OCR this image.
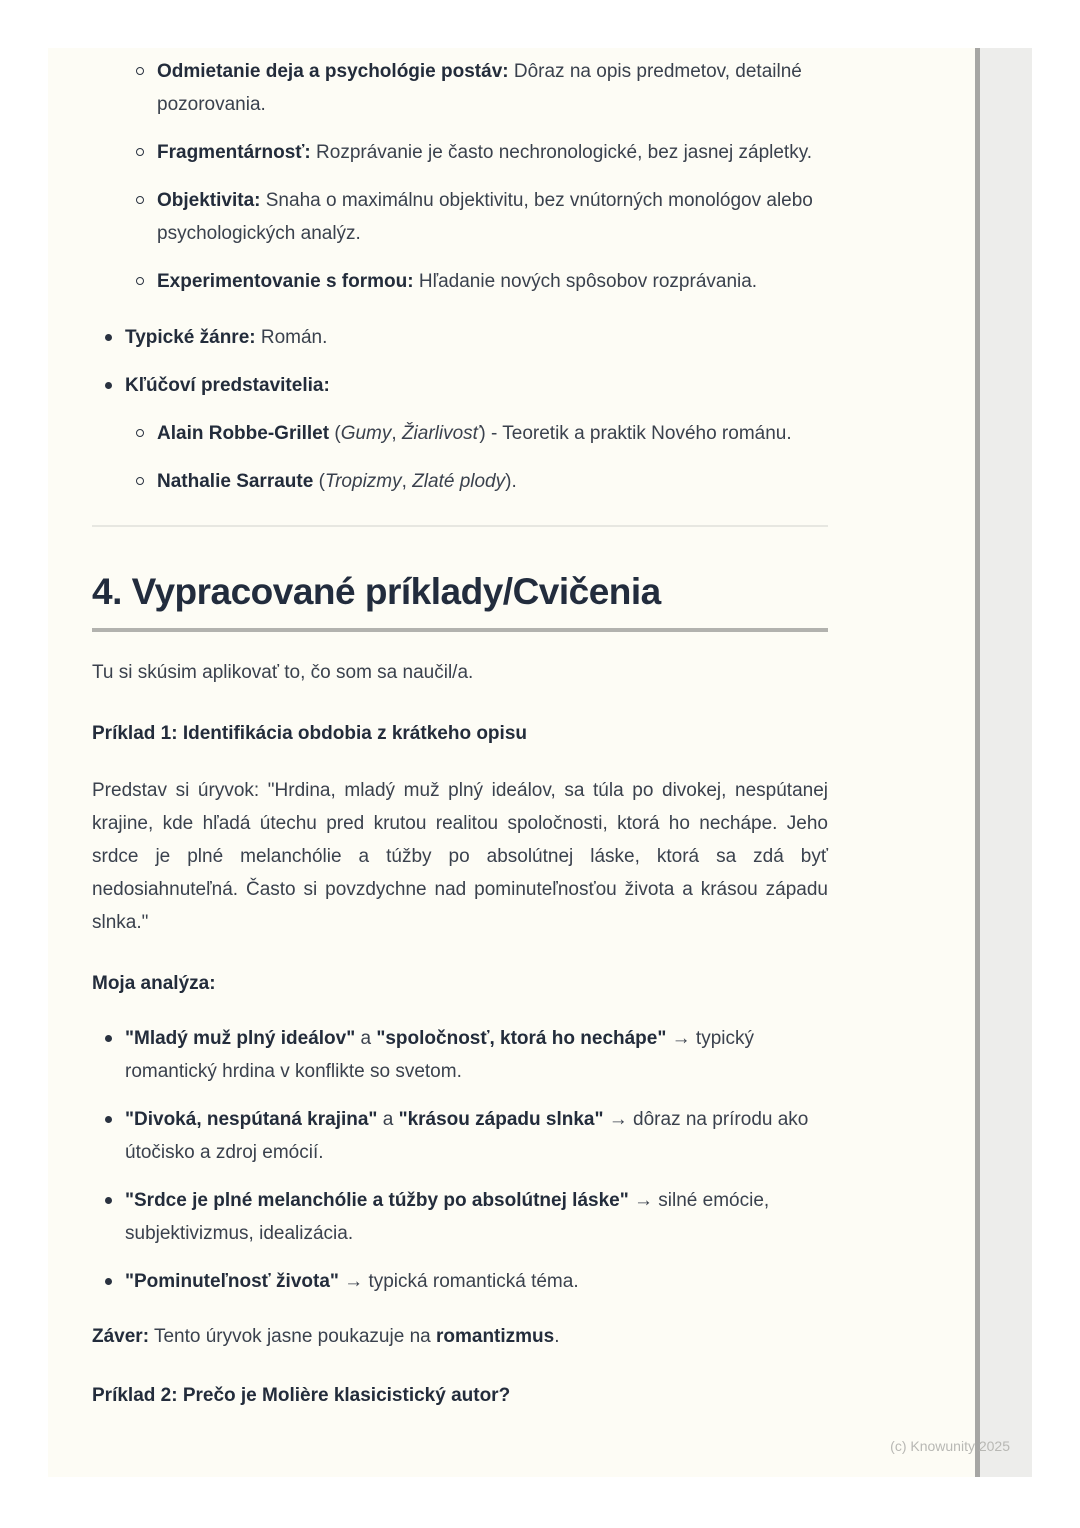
Odmietanie deja a psychológie postáv: Dôraz na opis predmetov, detailné pozorovania.
Fragmentárnosť: Rozprávanie je často nechronologické, bez jasnej zápletky.
Objektivita: Snaha o maximálnu objektivitu, bez vnútorných monológov alebo psychologických analýz.
Experimentovanie s formou: Hľadanie nových spôsobov rozprávania.
Typické žánre: Román.
Kľúčoví predstavitelia:
Alain Robbe-Grillet (Gumy, Žiarlivosť) - Teoretik a praktik Nového románu.
Nathalie Sarraute (Tropizmy, Zlaté plody).
4. Vypracované príklady/Cvičenia

Tu si skúsim aplikovať to, čo som sa naučil/a.

Príklad 1: Identifikácia obdobia z krátkeho opisu

Predstav si úryvok: "Hrdina, mladý muž plný ideálov, sa túla po divokej, nespútanej krajine, kde hľadá útechu pred krutou realitou spoločnosti, ktorá ho nechápe. Jeho srdce je plné melanchólie a túžby po absolútnej láske, ktorá sa zdá byť nedosiahnuteľná. Často si povzdychne nad pominuteľnosťou života a krásou západu slnka."

Moja analýza:

"Mladý muž plný ideálov" a "spoločnosť, ktorá ho nechápe" → typický romantický hrdina v konflikte so svetom.
"Divoká, nespútaná krajina" a "krásou západu slnka" → dôraz na prírodu ako útočisko a zdroj emócií.
"Srdce je plné melanchólie a túžby po absolútnej láske" → silné emócie, subjektivizmus, idealizácia.
"Pominuteľnosť života" → typická romantická téma.

Záver: Tento úryvok jasne poukazuje na romantizmus.

Príklad 2: Prečo je Molière klasicistický autor?

(c) Knowunity 2025
